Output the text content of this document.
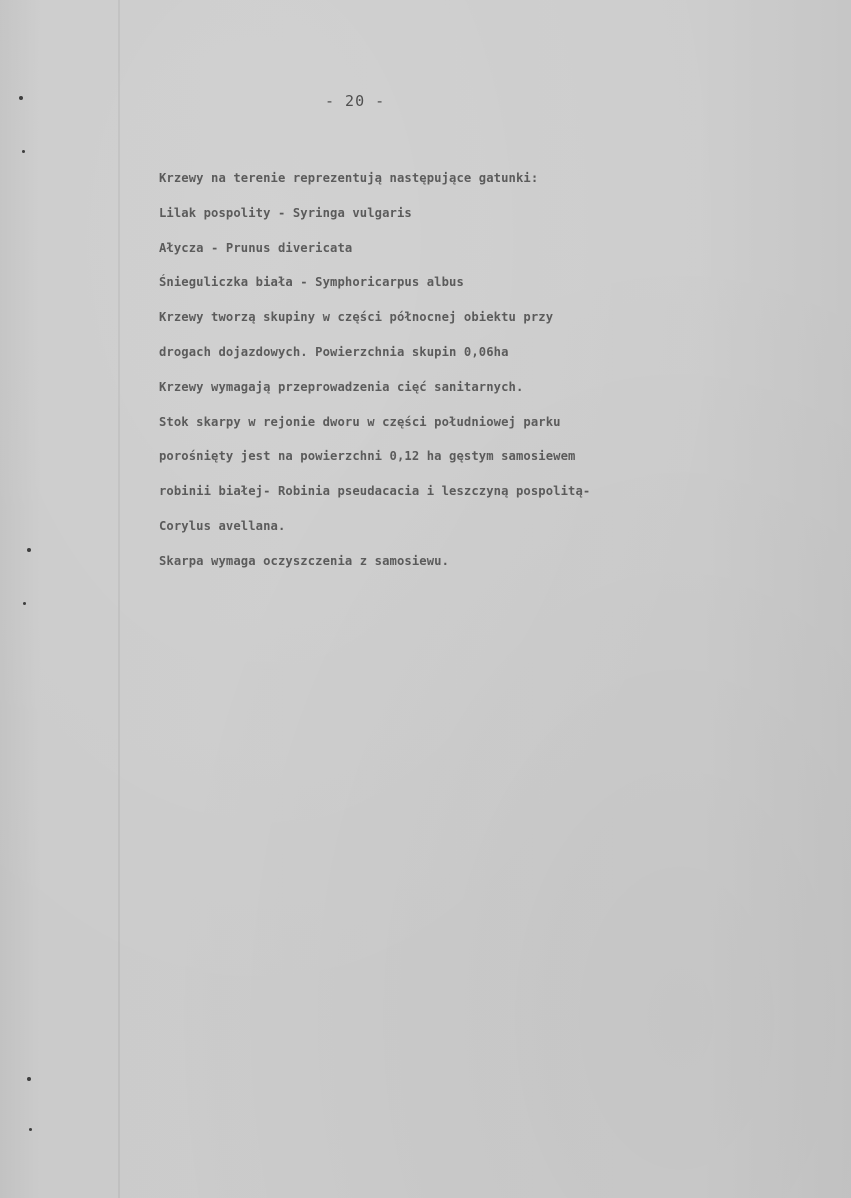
- 20 -
Krzewy na terenie reprezentują następujące gatunki:
Lilak pospolity - Syringa vulgaris
Ałycza - Prunus divericata
Śnieguliczka biała - Symphoricarpus albus
Krzewy tworzą skupiny w części północnej obiektu przy
drogach dojazdowych. Powierzchnia skupin 0,06ha
Krzewy wymagają przeprowadzenia cięć sanitarnych.
Stok skarpy w rejonie dworu w części południowej parku
porośnięty jest na powierzchni 0,12 ha gęstym samosiewem
robinii białej- Robinia pseudacacia i leszczyną pospolitą-
Corylus avellana.
Skarpa wymaga oczyszczenia z samosiewu.
